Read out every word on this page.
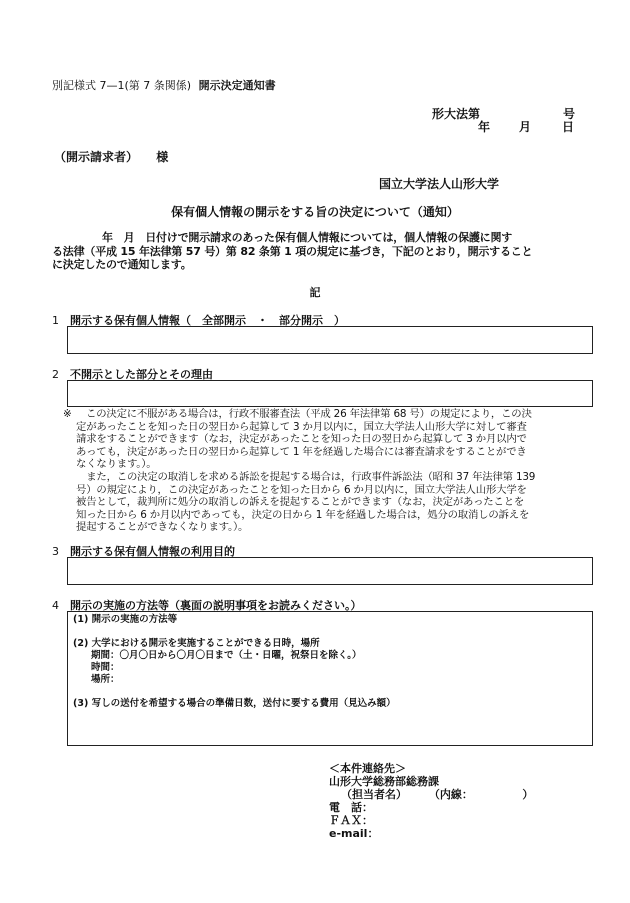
別記様式 7—1(第 7 条関係) 開示決定通知書
形大法第	号
年 月	日
（開示請求者） 様
国立大学法人山形大学
保有個人情報の開示をする旨の決定について（通知）
年　月　日付けで開示請求のあった保有個人情報については，個人情報の保護に関す
る法律（平成 15 年法律第 57 号）第 82 条第 1 項の規定に基づき，下記のとおり，開示すること
に決定したので通知します。
記
1 開示する保有個人情報（　全部開示　・　部分開示　）
2 不開示とした部分とその理由
※	この決定に不服がある場合は，行政不服審査法（平成 26 年法律第 68 号）の規定により，この決
定があったことを知った日の翌日から起算して 3 か月以内に，国立大学法人山形大学に対して審査
請求をすることができます（なお，決定があったことを知った日の翌日から起算して 3 か月以内で
あっても，決定があった日の翌日から起算して 1 年を経過した場合には審査請求をすることができ
なくなります。）。
　また，この決定の取消しを求める訴訟を提起する場合は，行政事件訴訟法（昭和 37 年法律第 139
号）の規定により，この決定があったことを知った日から 6 か月以内に，国立大学法人山形大学を
被告として，裁判所に処分の取消しの訴えを提起することができます（なお，決定があったことを
知った日から 6 か月以内であっても，決定の日から 1 年を経過した場合は，処分の取消しの訴えを
提起することができなくなります。）。
3 開示する保有個人情報の利用目的
4 開示の実施の方法等（裏面の説明事項をお読みください。）
(1) 開示の実施の方法等
(2) 大学における開示を実施することができる日時，場所
期間：〇月〇日から〇月〇日まで（土・日曜，祝祭日を除く。）
時間：
場所：
(3) 写しの送付を希望する場合の準備日数，送付に要する費用（見込み額）
＜本件連絡先＞
山形大学総務部総務課
（担当者名） （内線：　　　　　）
電　話：
ＦＡＸ：
e-mail：
